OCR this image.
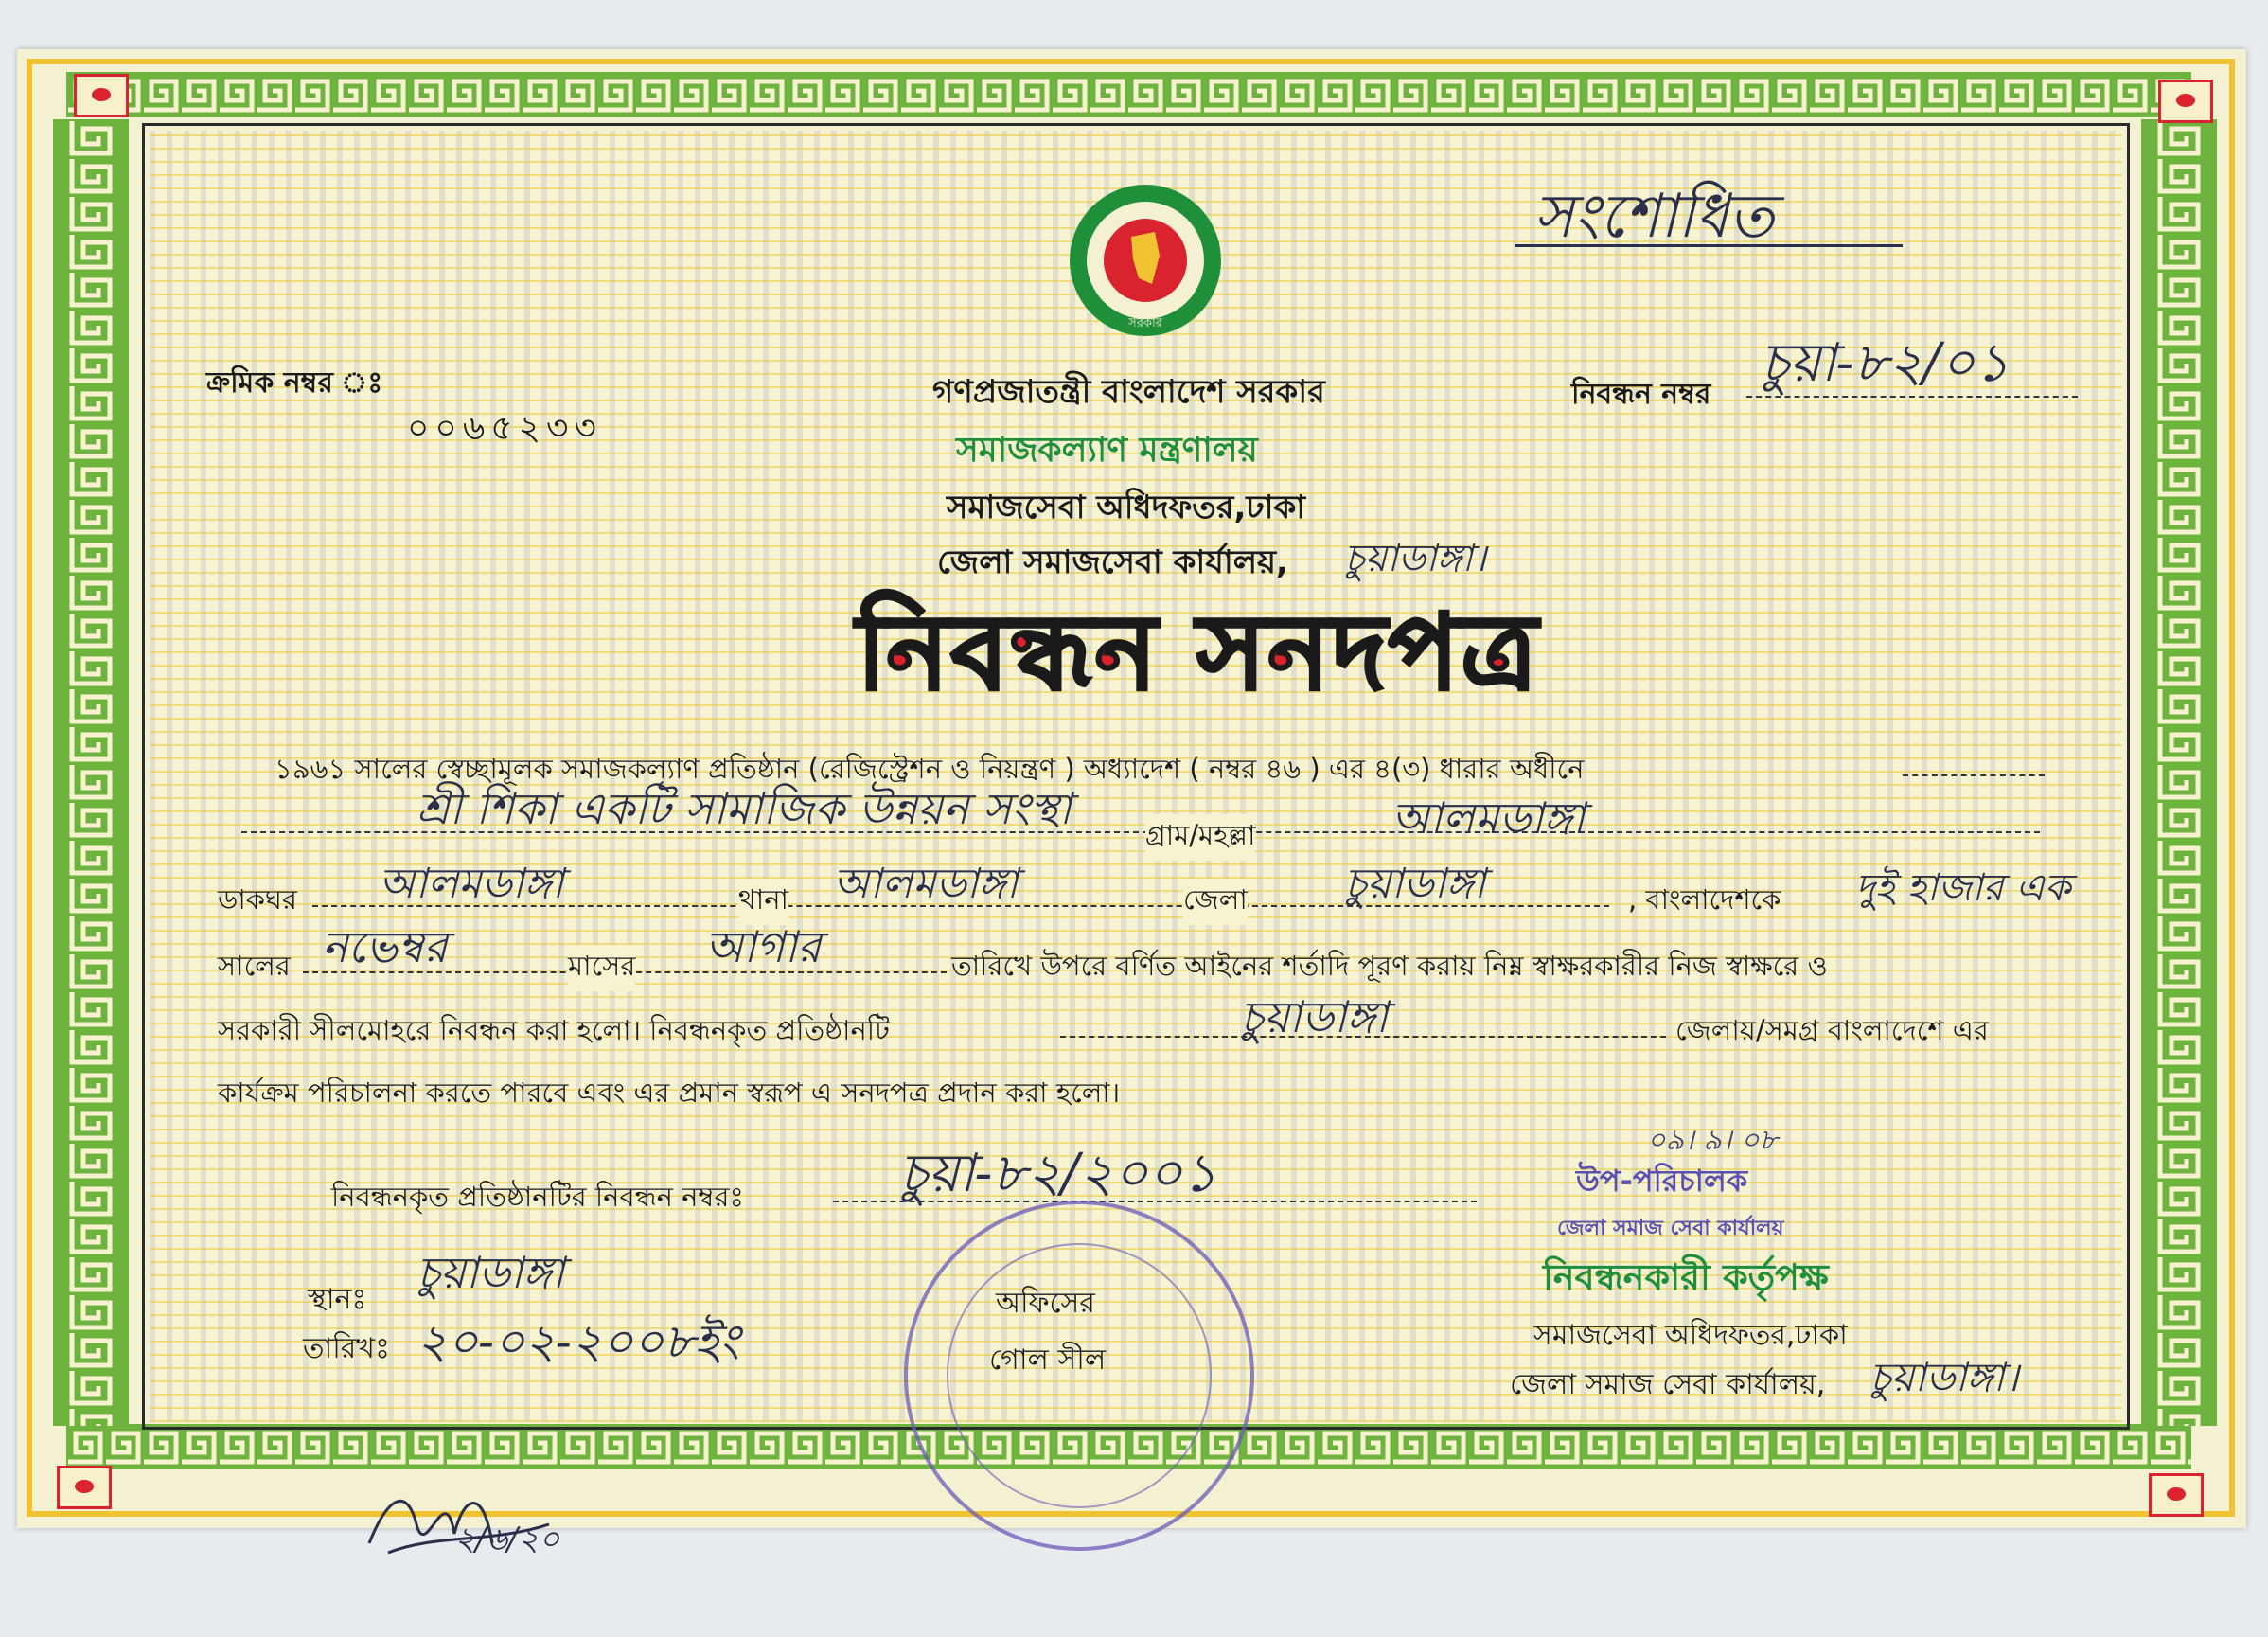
সরকার
ক্রমিক নম্বর ঃ
০০৬৫২৩৩
নিবন্ধন নম্বর
চুয়া-৮২/০১
সংশোধিত
গণপ্রজাতন্ত্রী বাংলাদেশ সরকার
সমাজকল্যাণ মন্ত্রণালয়
সমাজসেবা অধিদফতর,ঢাকা
জেলা সমাজসেবা কার্যালয়, চুয়াডাঙ্গা।
নিবন্ধন সনদপত্র
১৯৬১ সালের স্বেচ্ছামূলক সমাজকল্যাণ প্রতিষ্ঠান (রেজিস্ট্রেশন ও নিয়ন্ত্রণ ) অধ্যাদেশ ( নম্বর ৪৬ ) এর ৪(৩) ধারার অধীনে
শ্রী শিকা একটি সামাজিক উন্নয়ন সংস্থা
গ্রাম/মহল্লা	আলমডাঙ্গা
ডাকঘর আলমডাঙ্গা	থানা আলমডাঙ্গা	জেলা চুয়াডাঙ্গা	, বাংলাদেশকে দুই হাজার এক
সালের নভেম্বর	মাসের আগার	তারিখে উপরে বর্ণিত আইনের শর্তাদি পূরণ করায় নিম্ন স্বাক্ষরকারীর নিজ স্বাক্ষরে ও
সরকারী সীলমোহরে নিবন্ধন করা হলো। নিবন্ধনকৃত প্রতিষ্ঠানটি	চুয়াডাঙ্গা	জেলায়/সমগ্র বাংলাদেশে এর
কার্যক্রম পরিচালনা করতে পারবে এবং এর প্রমান স্বরূপ এ সনদপত্র প্রদান করা হলো।
নিবন্ধনকৃত প্রতিষ্ঠানটির নিবন্ধন নম্বরঃ	চুয়া-৮২/২০০১
স্থানঃ
চুয়াডাঙ্গা
তারিখঃ ২০-০২-২০০৮ইং
অফিসের
গোল সীল
০৯। ৯। ০৮
উপ-পরিচালক
জেলা সমাজ সেবা কার্যালয়
নিবন্ধনকারী কর্তৃপক্ষ
সমাজসেবা অধিদফতর,ঢাকা
জেলা সমাজ সেবা কার্যালয়, চুয়াডাঙ্গা।
২/৬/২০
